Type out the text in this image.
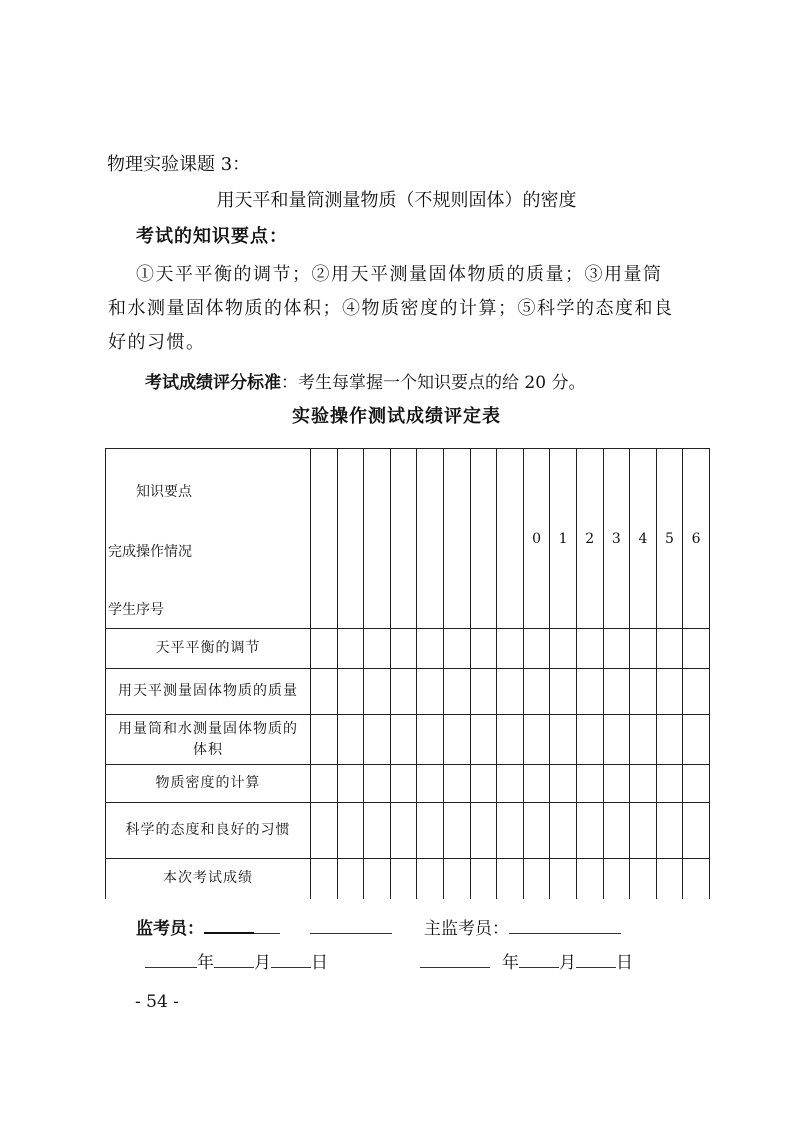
物理实验课题 3：
用天平和量筒测量物质（不规则固体）的密度
考试的知识要点：
①天平平衡的调节；②用天平测量固体物质的质量；③用量筒
和水测量固体物质的体积；④物质密度的计算；⑤科学的态度和良
好的习惯。
考试成绩评分标准：考生每掌握一个知识要点的给 20 分。
实验操作测试成绩评定表
知识要点
完成操作情况
学生序号									0	1	2	3	4	5	6
天平平衡的调节															
用天平测量固体物质的质量															
用量筒和水测量固体物质的体积															
物质密度的计算															
科学的态度和良好的习惯															
本次考试成绩															
监考员：	主监考员：
年 月 日	年 月 日
- 54 -
